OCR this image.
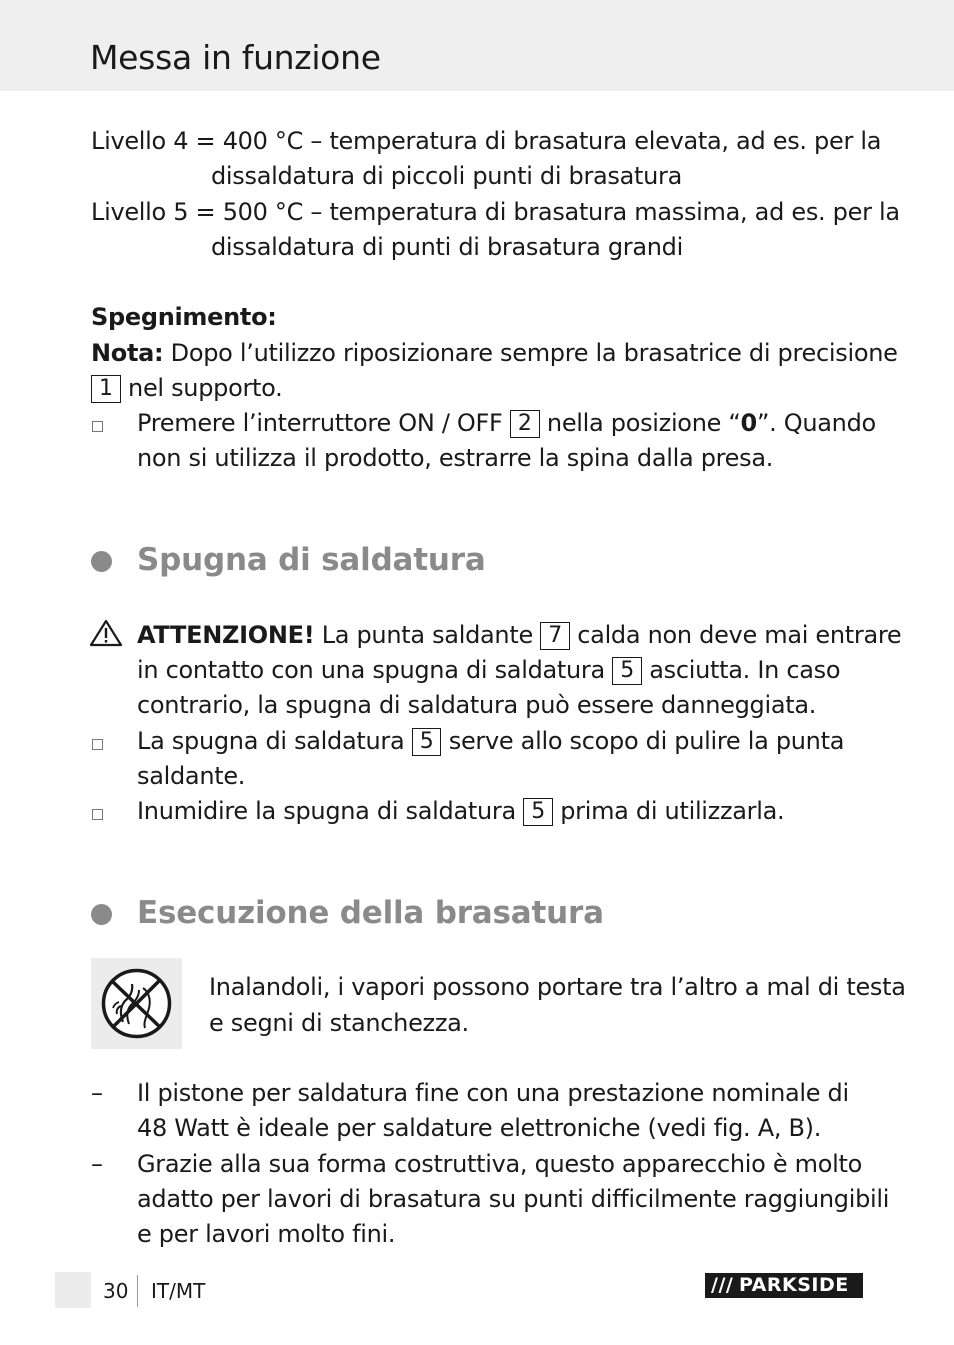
Messa in funzione
Livello 4 = 400 °C – temperatura di brasatura elevata, ad es. per la
dissaldatura di piccoli punti di brasatura
Livello 5 = 500 °C – temperatura di brasatura massima, ad es. per la
dissaldatura di punti di brasatura grandi
Spegnimento:
Nota: Dopo l’utilizzo riposizionare sempre la brasatrice di precisione
1 nel supporto.
Premere l’interruttore ON / OFF 2 nella posizione “0”. Quando
non si utilizza il prodotto, estrarre la spina dalla presa.
Spugna di saldatura
ATTENZIONE! La punta saldante 7 calda non deve mai entrare
in contatto con una spugna di saldatura 5 asciutta. In caso
contrario, la spugna di saldatura può essere danneggiata.
La spugna di saldatura 5 serve allo scopo di pulire la punta
saldante.
Inumidire la spugna di saldatura 5 prima di utilizzarla.
Esecuzione della brasatura
Inalandoli, i vapori possono portare tra l’altro a mal di testa
e segni di stanchezza.
– Il pistone per saldatura fine con una prestazione nominale di
48 Watt è ideale per saldature elettroniche (vedi fig. A, B).
– Grazie alla sua forma costruttiva, questo apparecchio è molto
adatto per lavori di brasatura su punti difficilmente raggiungibili
e per lavori molto fini.
30 IT/MT	/// PARKSIDE
